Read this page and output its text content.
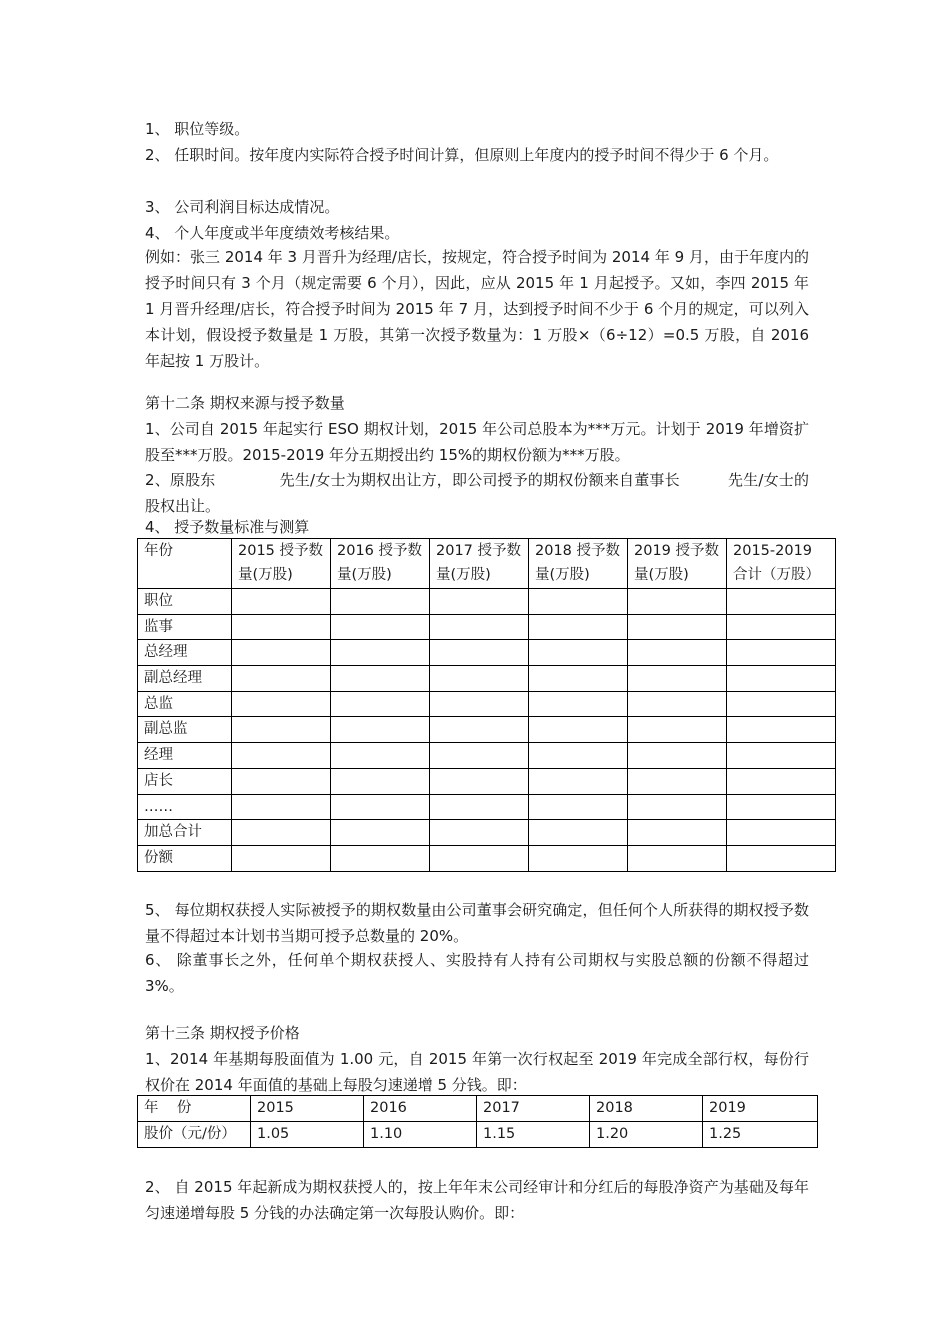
1、 职位等级。

2、 任职时间。按年度内实际符合授予时间计算，但原则上年度内的授予时间不得少于 6 个月。

3、 公司利润目标达成情况。

4、 个人年度或半年度绩效考核结果。

例如：张三 2014 年 3 月晋升为经理/店长，按规定，符合授予时间为 2014 年 9 月，由于年度内的授予时间只有 3 个月（规定需要 6 个月），因此，应从 2015 年 1 月起授予。又如，李四 2015 年 1 月晋升经理/店长，符合授予时间为 2015 年 7 月，达到授予时间不少于 6 个月的规定，可以列入本计划，假设授予数量是 1 万股，其第一次授予数量为：1 万股×（6÷12）=0.5 万股，自 2016 年起按 1 万股计。

第十二条 期权来源与授予数量

1、公司自 2015 年起实行 ESO 期权计划，2015 年公司总股本为***万元。计划于 2019 年增资扩股至***万股。2015-2019 年分五期授出约 15%的期权份额为***万股。

2、原股东	先生/女士为期权出让方，即公司授予的期权份额来自董事长	先生/女士的股权出让。

4、 授予数量标准与测算

年份	2015 授予数量(万股)	2016 授予数量(万股)	2017 授予数量(万股)	2018 授予数量(万股)	2019 授予数量(万股)	2015-2019 合计（万股）
职位						
监事						
总经理						
副总经理						
总监						
副总监						
经理						
店长						
……						
加总合计						
份额						

5、 每位期权获授人实际被授予的期权数量由公司董事会研究确定，但任何个人所获得的期权授予数量不得超过本计划书当期可授予总数量的 20%。

6、 除董事长之外，任何单个期权获授人、实股持有人持有公司期权与实股总额的份额不得超过 3%。

第十三条 期权授予价格

1、2014 年基期每股面值为 1.00 元，自 2015 年第一次行权起至 2019 年完成全部行权，每份行权价在 2014 年面值的基础上每股匀速递增 5 分钱。即：

年    份	2015	2016	2017	2018	2019
股价（元/份）	1.05	1.10	1.15	1.20	1.25

2、 自 2015 年起新成为期权获授人的，按上年年末公司经审计和分红后的每股净资产为基础及每年匀速递增每股 5 分钱的办法确定第一次每股认购价。即：
